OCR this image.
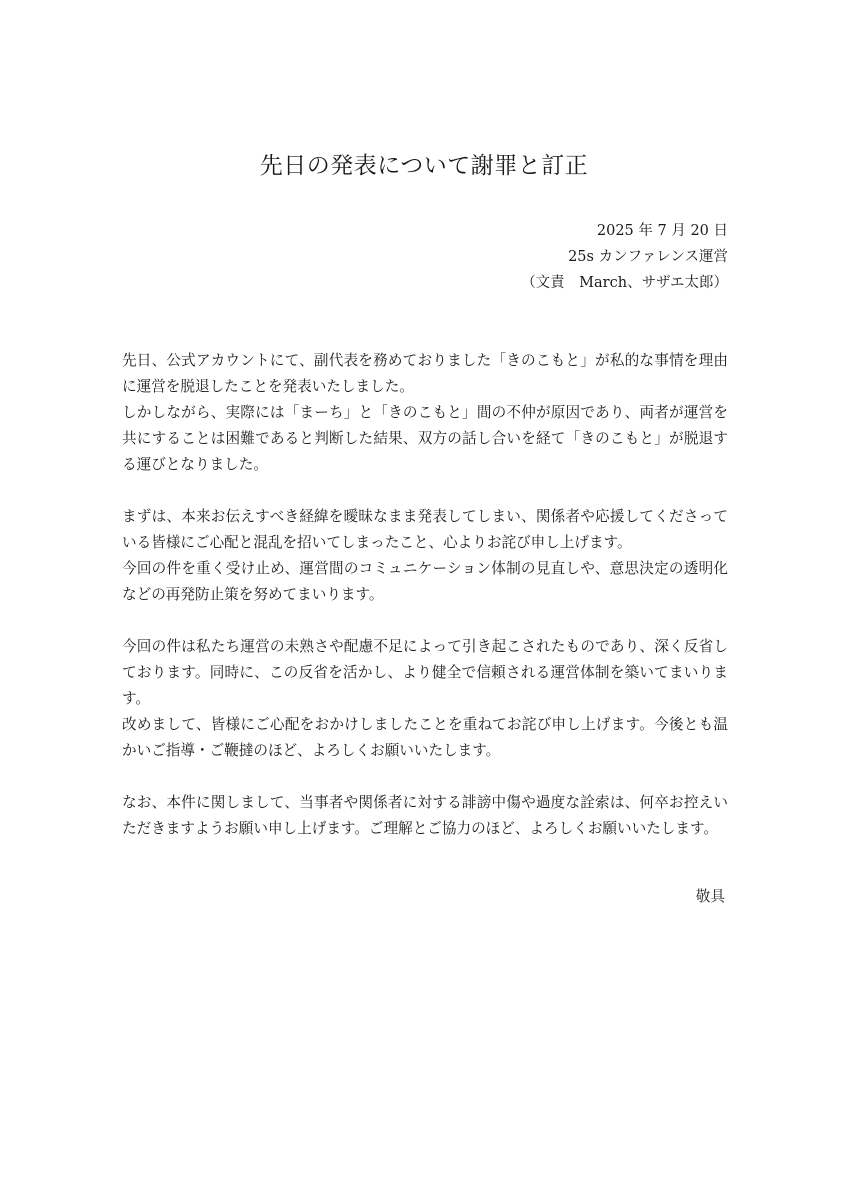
先日の発表について謝罪と訂正
2025 年 7 月 20 日
25s カンファレンス運営
（文責　March、サザエ太郎）

先日、公式アカウントにて、副代表を務めておりました「きのこもと」が私的な事情を理由に運営を脱退したことを発表いたしました。

しかしながら、実際には「まーち」と「きのこもと」間の不仲が原因であり、両者が運営を共にすることは困難であると判断した結果、双方の話し合いを経て「きのこもと」が脱退する運びとなりました。

まずは、本来お伝えすべき経緯を曖昧なまま発表してしまい、関係者や応援してくださっている皆様にご心配と混乱を招いてしまったこと、心よりお詫び申し上げます。

今回の件を重く受け止め、運営間のコミュニケーション体制の見直しや、意思決定の透明化などの再発防止策を努めてまいります。

今回の件は私たち運営の未熟さや配慮不足によって引き起こされたものであり、深く反省しております。同時に、この反省を活かし、より健全で信頼される運営体制を築いてまいります。

改めまして、皆様にご心配をおかけしましたことを重ねてお詫び申し上げます。今後とも温かいご指導・ご鞭撻のほど、よろしくお願いいたします。

なお、本件に関しまして、当事者や関係者に対する誹謗中傷や過度な詮索は、何卒お控えいただきますようお願い申し上げます。ご理解とご協力のほど、よろしくお願いいたします。

敬具
